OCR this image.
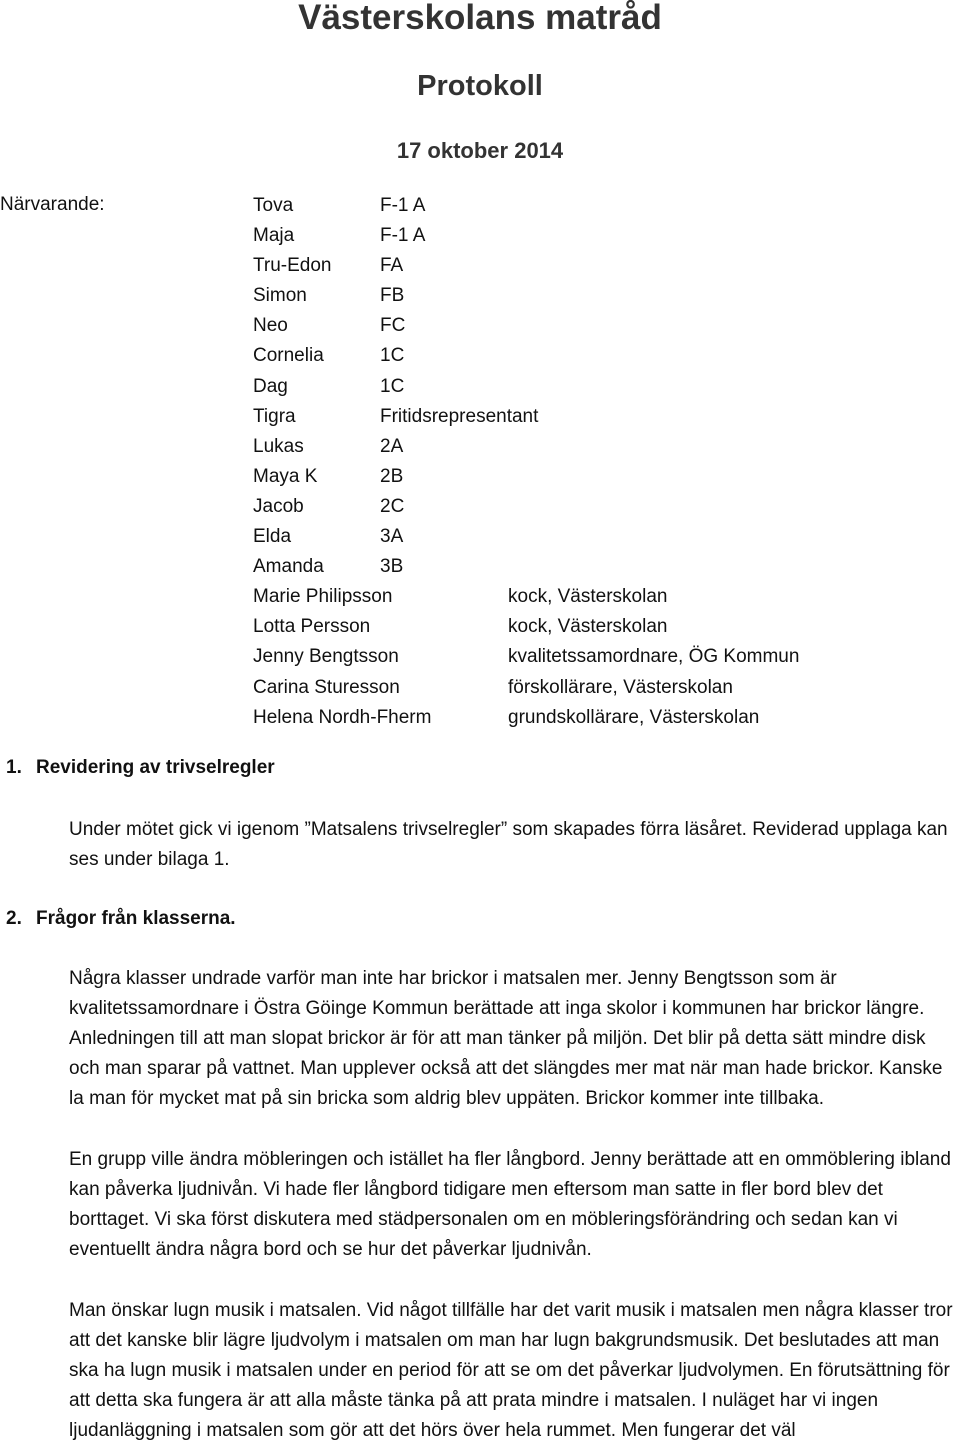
Västerskolans matråd
Protokoll
17 oktober 2014
Närvarande:	Tova	F-1 A
Maja	F-1 A
Tru-Edon	FA
Simon	FB
Neo	FC
Cornelia	1C
Dag	1C
Tigra	Fritidsrepresentant
Lukas	2A
Maya K	2B
Jacob	2C
Elda	3A
Amanda	3B
Marie Philipsson	kock, Västerskolan
Lotta Persson	kock, Västerskolan
Jenny Bengtsson	kvalitetssamordnare, ÖG Kommun
Carina Sturesson	förskollärare, Västerskolan
Helena Nordh-Fherm	grundskollärare, Västerskolan
1. Revidering av trivselregler
Under mötet gick vi igenom ”Matsalens trivselregler” som skapades förra läsåret. Reviderad upplaga kan ses under bilaga 1.
2. Frågor från klasserna.
Några klasser undrade varför man inte har brickor i matsalen mer. Jenny Bengtsson som är kvalitetssamordnare i Östra Göinge Kommun berättade att inga skolor i kommunen har brickor längre. Anledningen till att man slopat brickor är för att man tänker på miljön. Det blir på detta sätt mindre disk och man sparar på vattnet. Man upplever också att det slängdes mer mat när man hade brickor. Kanske la man för mycket mat på sin bricka som aldrig blev uppäten. Brickor kommer inte tillbaka.
En grupp ville ändra möbleringen och istället ha fler långbord. Jenny berättade att en ommöblering ibland kan påverka ljudnivån. Vi hade fler långbord tidigare men eftersom man satte in fler bord blev det borttaget. Vi ska först diskutera med städpersonalen om en möbleringsförändring och sedan kan vi eventuellt ändra några bord och se hur det påverkar ljudnivån.
Man önskar lugn musik i matsalen. Vid något tillfälle har det varit musik i matsalen men några klasser tror att det kanske blir lägre ljudvolym i matsalen om man har lugn bakgrundsmusik. Det beslutades att man ska ha lugn musik i matsalen under en period för att se om det påverkar ljudvolymen. En förutsättning för att detta ska fungera är att alla måste tänka på att prata mindre i matsalen. I nuläget har vi ingen ljudanläggning i matsalen som gör att det hörs över hela rummet. Men fungerar det väl
